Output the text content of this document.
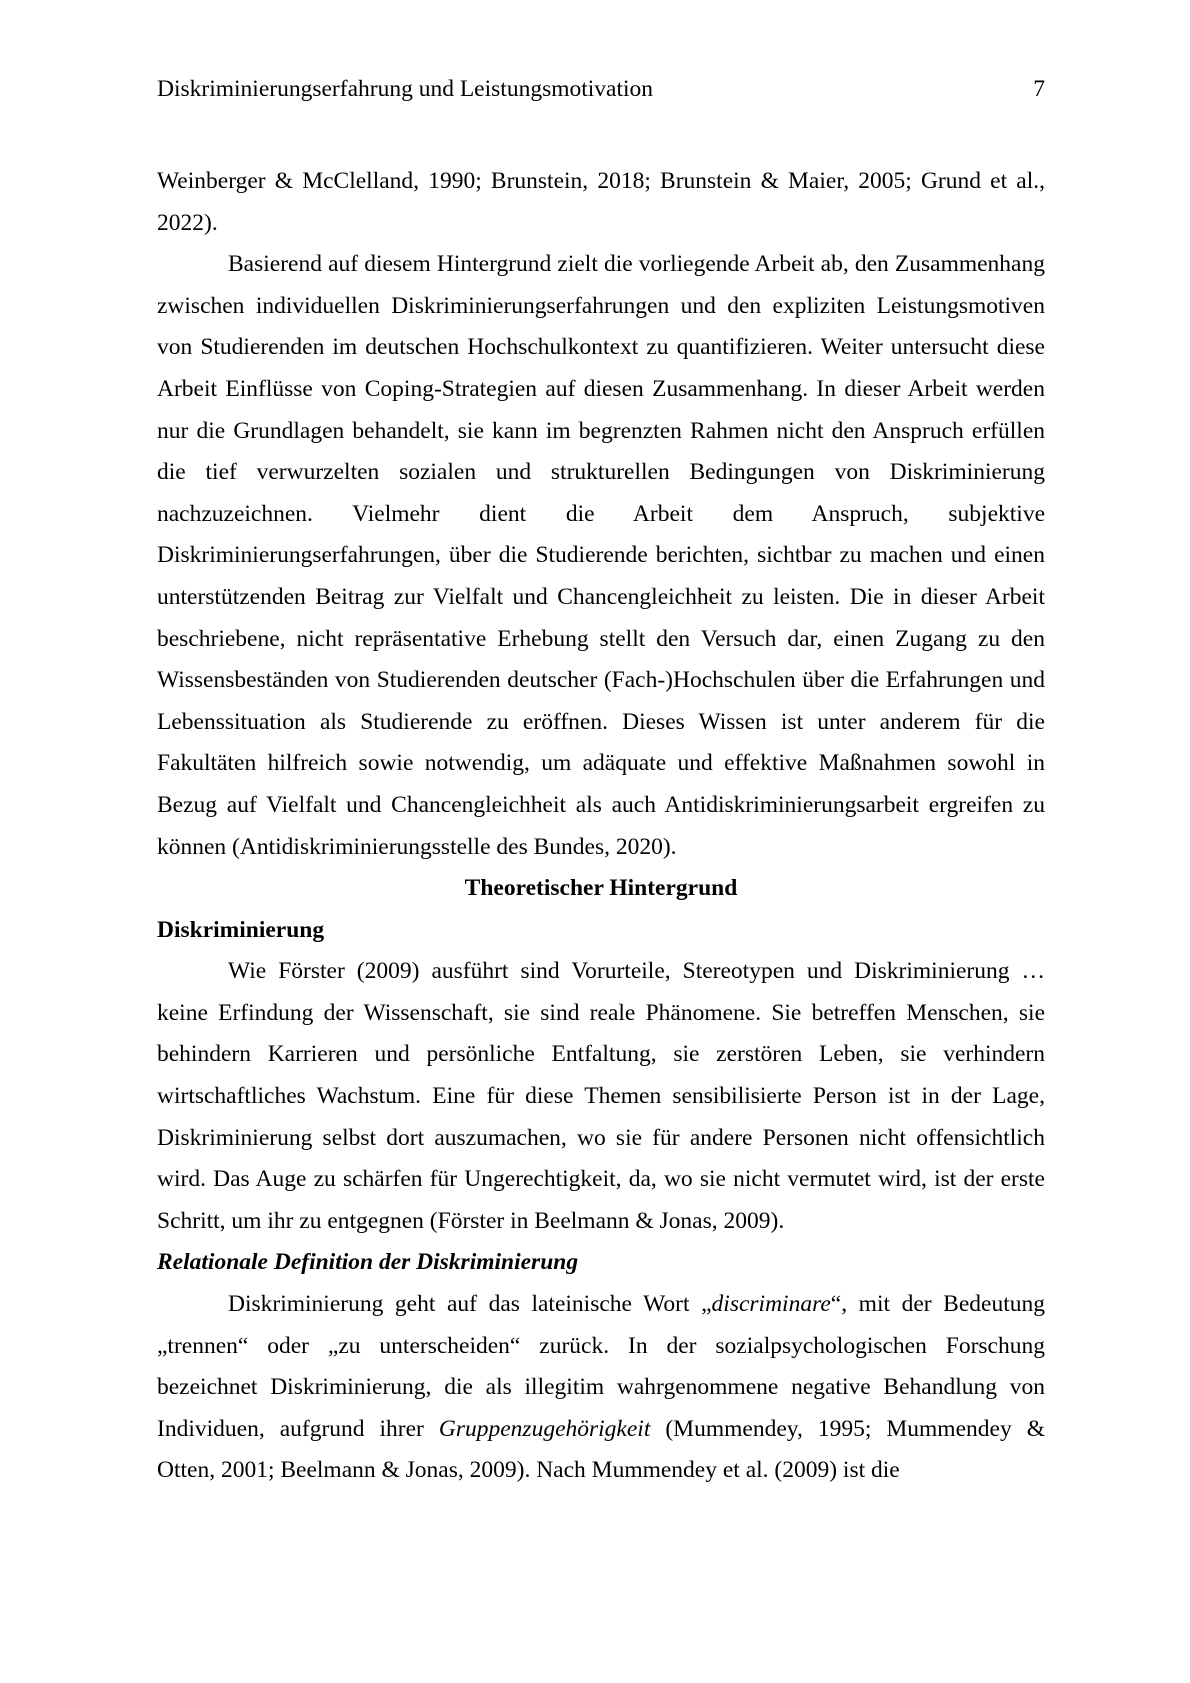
Diskriminierungserfahrung und Leistungsmotivation	7

Weinberger & McClelland, 1990; Brunstein, 2018; Brunstein & Maier, 2005; Grund et al., 2022).

Basierend auf diesem Hintergrund zielt die vorliegende Arbeit ab, den Zusammenhang zwischen individuellen Diskriminierungserfahrungen und den expliziten Leistungsmotiven von Studierenden im deutschen Hochschulkontext zu quantifizieren. Weiter untersucht diese Arbeit Einflüsse von Coping-Strategien auf diesen Zusammenhang. In dieser Arbeit werden nur die Grundlagen behandelt, sie kann im begrenzten Rahmen nicht den Anspruch erfüllen die tief verwurzelten sozialen und strukturellen Bedingungen von Diskriminierung nachzuzeichnen. Vielmehr dient die Arbeit dem Anspruch, subjektive Diskriminierungserfahrungen, über die Studierende berichten, sichtbar zu machen und einen unterstützenden Beitrag zur Vielfalt und Chancengleichheit zu leisten. Die in dieser Arbeit beschriebene, nicht repräsentative Erhebung stellt den Versuch dar, einen Zugang zu den Wissensbeständen von Studierenden deutscher (Fach-)Hochschulen über die Erfahrungen und Lebenssituation als Studierende zu eröffnen. Dieses Wissen ist unter anderem für die Fakultäten hilfreich sowie notwendig, um adäquate und effektive Maßnahmen sowohl in Bezug auf Vielfalt und Chancengleichheit als auch Antidiskriminierungsarbeit ergreifen zu können (Antidiskriminierungsstelle des Bundes, 2020).

Theoretischer Hintergrund
Diskriminierung

Wie Förster (2009) ausführt sind Vorurteile, Stereotypen und Diskriminierung … keine Erfindung der Wissenschaft, sie sind reale Phänomene. Sie betreffen Menschen, sie behindern Karrieren und persönliche Entfaltung, sie zerstören Leben, sie verhindern wirtschaftliches Wachstum. Eine für diese Themen sensibilisierte Person ist in der Lage, Diskriminierung selbst dort auszumachen, wo sie für andere Personen nicht offensichtlich wird. Das Auge zu schärfen für Ungerechtigkeit, da, wo sie nicht vermutet wird, ist der erste Schritt, um ihr zu entgegnen (Förster in Beelmann & Jonas, 2009).

Relationale Definition der Diskriminierung

Diskriminierung geht auf das lateinische Wort „discriminare“, mit der Bedeutung „trennen“ oder „zu unterscheiden“ zurück. In der sozialpsychologischen Forschung bezeichnet Diskriminierung, die als illegitim wahrgenommene negative Behandlung von Individuen, aufgrund ihrer Gruppenzugehörigkeit (Mummendey, 1995; Mummendey & Otten, 2001; Beelmann & Jonas, 2009). Nach Mummendey et al. (2009) ist die
